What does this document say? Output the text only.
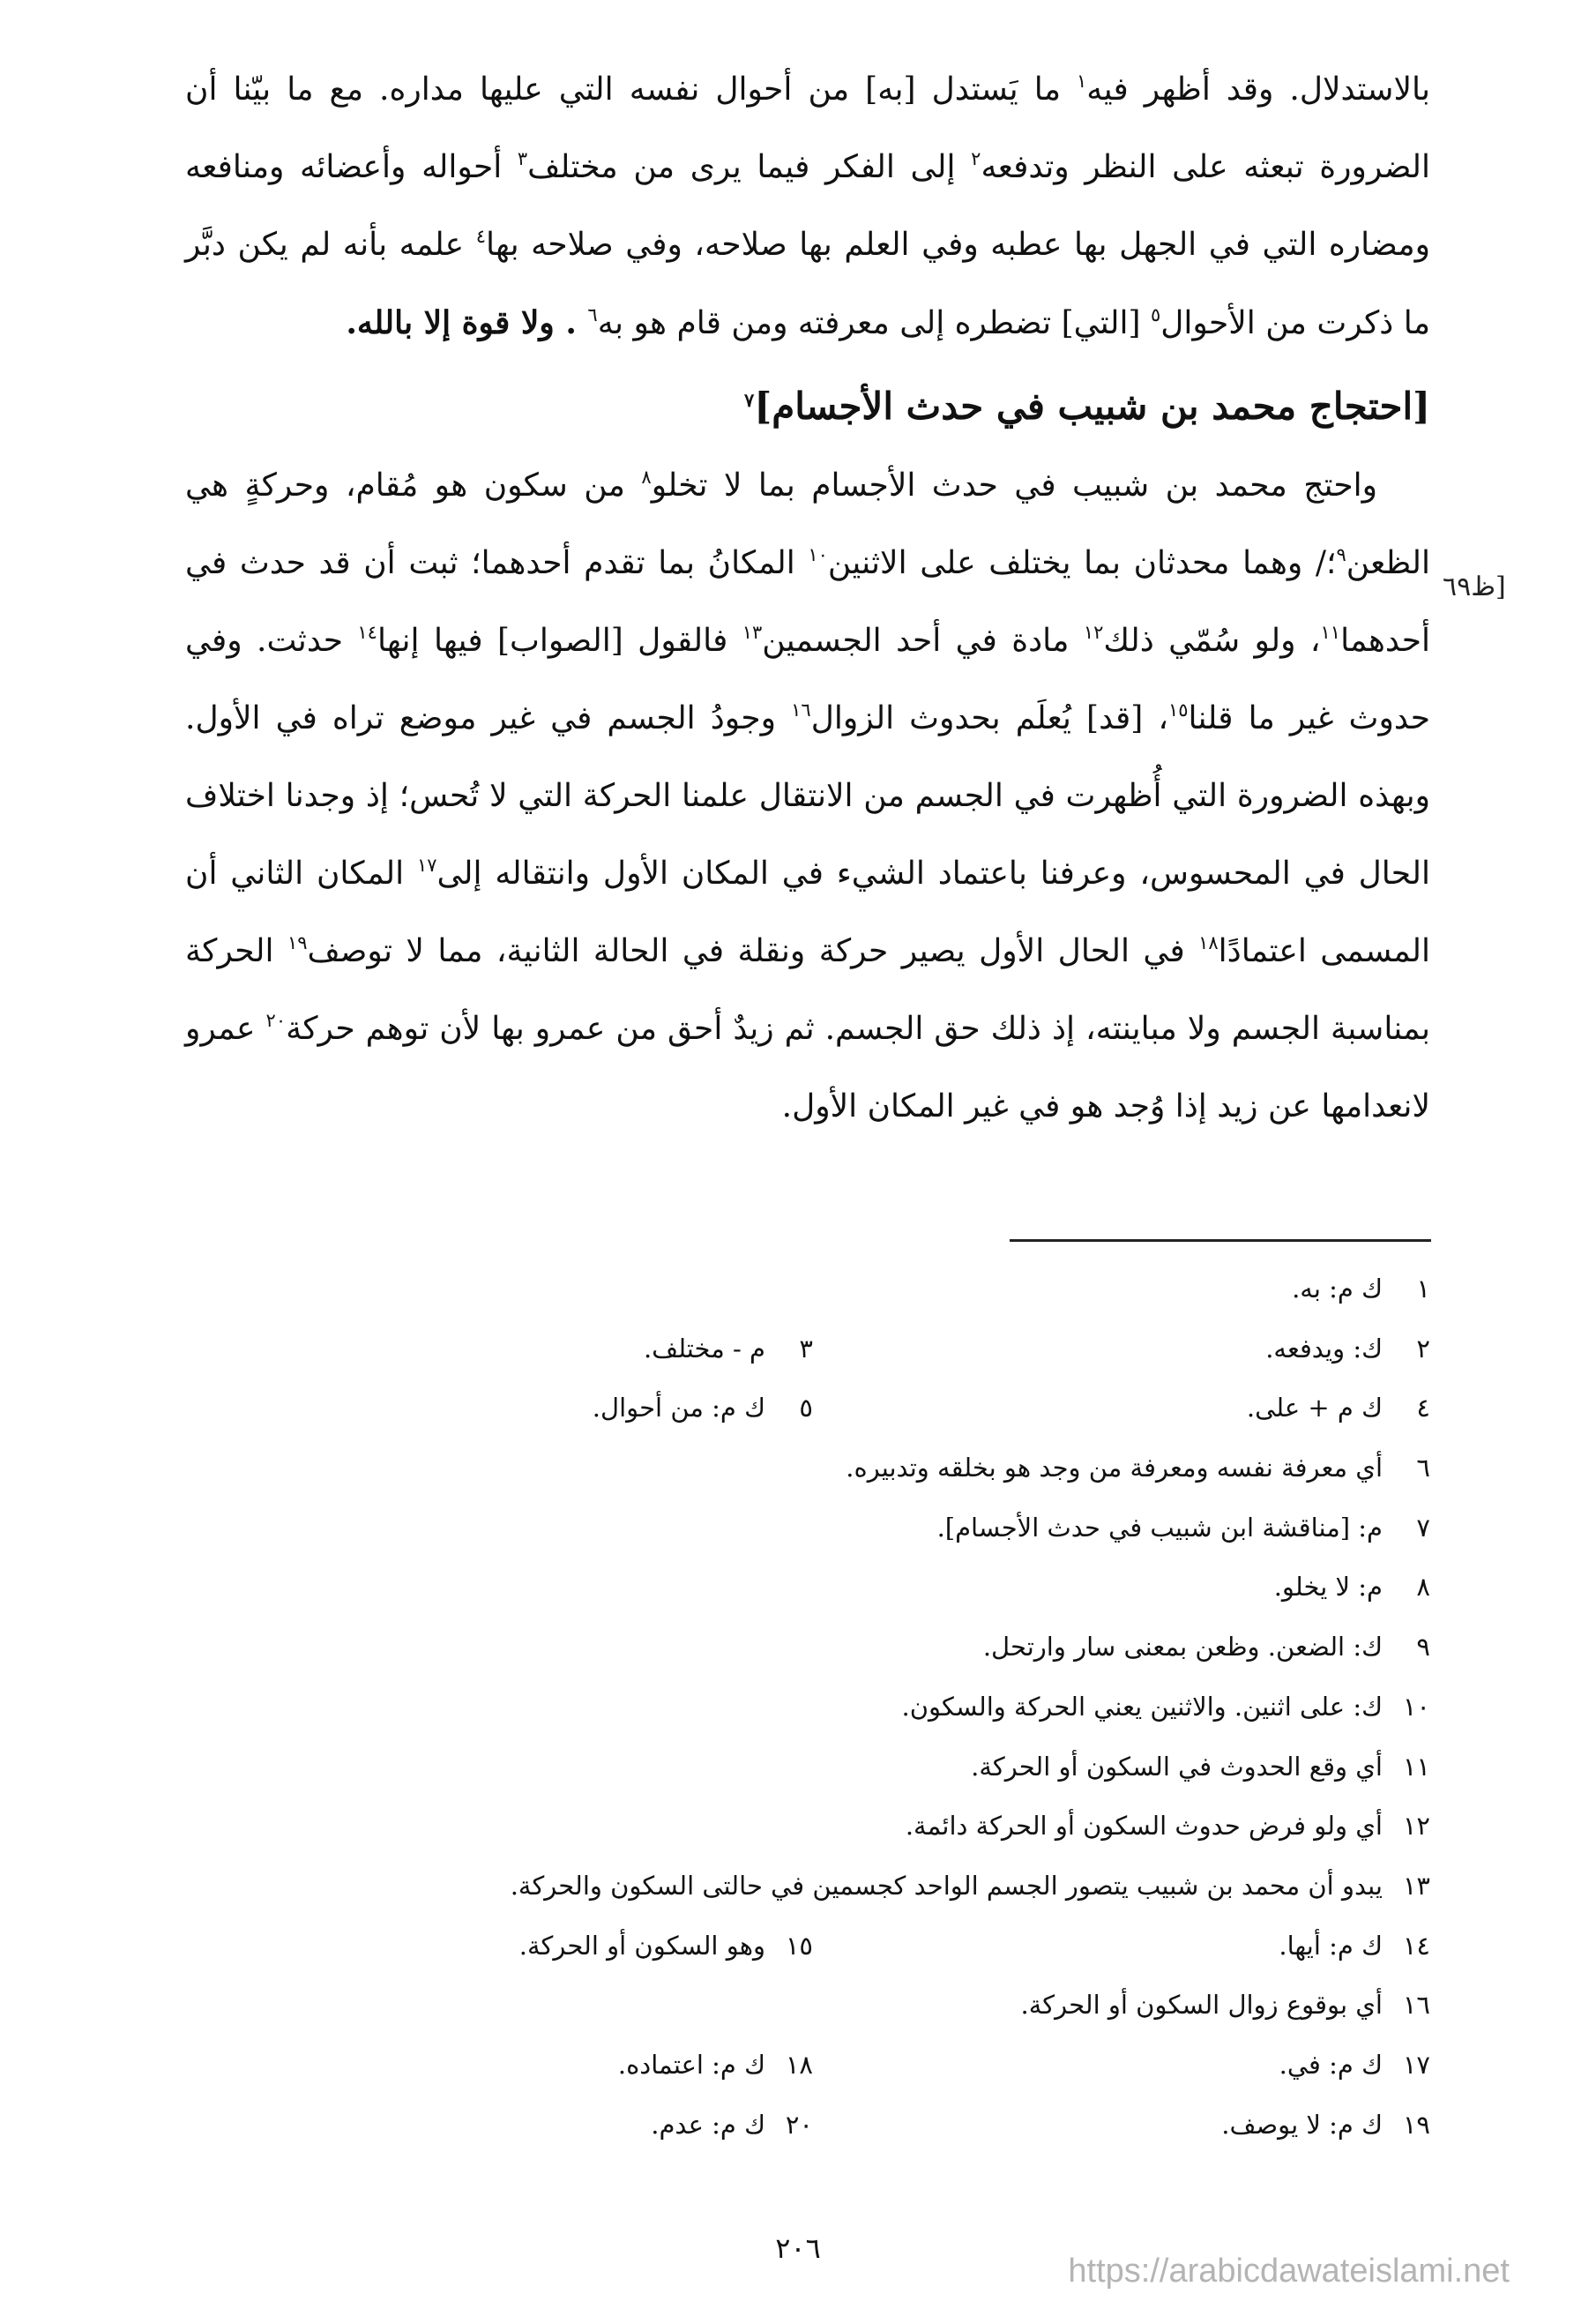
بالاستدلال. وقد أظهر فيه$^١$ ما يَستدل [به] من أحوال نفسه التي عليها مداره. مع ما بيّنا أن الضرورة تبعثه على النظر وتدفعه$^٢$ إلى الفكر فيما يرى من مختلف$^٣$ أحواله وأعضائه ومنافعه ومضاره التي في الجهل بها عطبه وفي العلم بها صلاحه، وفي صلاحه بها$^٤$ علمه بأنه لم يكن دبَّر ما ذكرت من الأحوال$^٥$ [التي] تضطره إلى معرفته ومن قام هو به$^٦$ . ولا قوة إلا بالله.

[احتجاج محمد بن شبيب في حدث الأجسام]$^٧$

واحتج محمد بن شبيب في حدث الأجسام بما لا تخلو$^٨$ من سكون هو مُقام، وحركةٍ هي الظعن$^٩$؛/ وهما محدثان بما يختلف على الاثنين$^{١٠}$ المكانُ بما تقدم أحدهما؛ ثبت أن قد حدث في أحدهما$^{١١}$، ولو سُمّي ذلك$^{١٢}$ مادة في أحد الجسمين$^{١٣}$ فالقول [الصواب] فيها إنها$^{١٤}$ حدثت. وفي حدوث غير ما قلنا$^{١٥}$، [قد] يُعلَم بحدوث الزوال$^{١٦}$ وجودُ الجسم في غير موضع تراه في الأول. وبهذه الضرورة التي أُظهرت في الجسم من الانتقال علمنا الحركة التي لا تُحس؛ إذ وجدنا اختلاف الحال في المحسوس، وعرفنا باعتماد الشيء في المكان الأول وانتقاله إلى$^{١٧}$ المكان الثاني أن المسمى اعتمادًا$^{١٨}$ في الحال الأول يصير حركة ونقلة في الحالة الثانية، مما لا توصف$^{١٩}$ الحركة بمناسبة الجسم ولا مباينته، إذ ذلك حق الجسم. ثم زيدٌ أحق من عمرو بها لأن توهم حركة$^{٢٠}$ عمرو لانعدامها عن زيد إذا وُجد هو في غير المكان الأول.

[ظ٦٩
١ك م: به.
٢ك: ويدفعه.
٣م - مختلف.
٤ك م + على.
٥ك م: من أحوال.
٦أي معرفة نفسه ومعرفة من وجد هو بخلقه وتدبيره.
٧م: [مناقشة ابن شبيب في حدث الأجسام].
٨م: لا يخلو.
٩ك: الضعن. وظعن بمعنى سار وارتحل.
١٠ك: على اثنين. والاثنين يعني الحركة والسكون.
١١أي وقع الحدوث في السكون أو الحركة.
١٢أي ولو فرض حدوث السكون أو الحركة دائمة.
١٣يبدو أن محمد بن شبيب يتصور الجسم الواحد كجسمين في حالتى السكون والحركة.
١٤ك م: أيها.
١٥وهو السكون أو الحركة.
١٦أي بوقوع زوال السكون أو الحركة.
١٧ك م: في.
١٨ك م: اعتماده.
١٩ك م: لا يوصف.
٢٠ك م: عدم.
٢٠٦
https://arabicdawateislami.net
